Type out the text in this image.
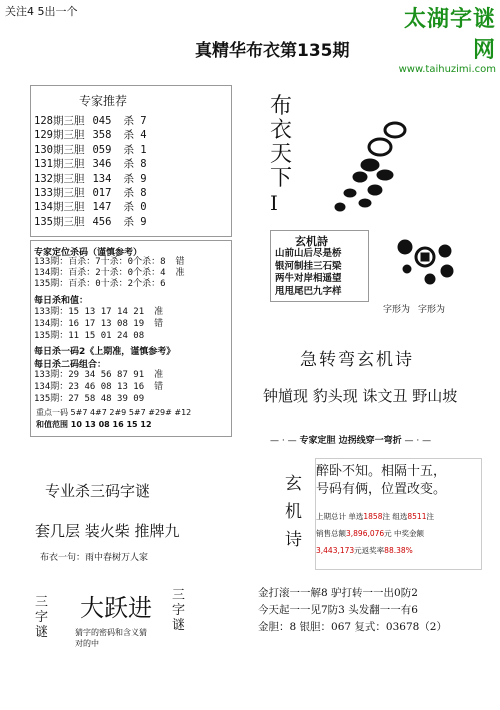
关注4 5出一个	太湖字谜网
www.taihuzimi.com
真精华布衣第135期
专家推荐
128期三胆 045 杀 7
129期三胆 358 杀 4
130期三胆 059 杀 1
131期三胆 346 杀 8
132期三胆 134 杀 9
133期三胆 017 杀 8
134期三胆 147 杀 0
135期三胆 456 杀 9
专家定位杀码（谨慎参考）
133期：百杀：7十杀：0个杀：8 错
134期：百杀：2十杀：0个杀：4 准
135期：百杀：0十杀：2个杀：6
每日杀和值：
133期：15 13 17 14 21 准
134期：16 17 13 08 19 错
135期：11 15 01 24 08
每日杀一码2《上期准，谨慎参考》
每日杀二码组合：
133期：29 34 56 87 91 准
134期：23 46 08 13 16 错
135期：27 58 48 39 09
重点一码 5#7 4#7 2#9 5#7 #29# #12
和值范围 10 13 08 16 15 12
专业杀三码字谜
套几层 装火柴 推牌九
布衣一句：雨中春树万人家
三字谜
大跃进 三字谜
猜字的密码和含义猜
对的中
布
衣
天
下
I
玄机詩
山前山后尽是桥
银河制挂三石梁
两牛对岸相遥望
甩甩尾巴九字样
字形为 字形为
急转弯玄机诗
钟馗现 豹头现 诛文丑 野山坡
— · — 专家定胆 边拐线穿一弯折 — · —
玄
机
诗
醉卧不知。相隔十五，
号码有俩，位置改变。
上期总计 单选1858注 组选8511注
销售总额3,896,076元 中奖金额
3,443,173元返奖率88.38%
金打滚一一解8 驴打转一一出0防2
今天起一一见7防3 头发翻一一有6
金胆：8 银胆：067 复式：03678（2）
